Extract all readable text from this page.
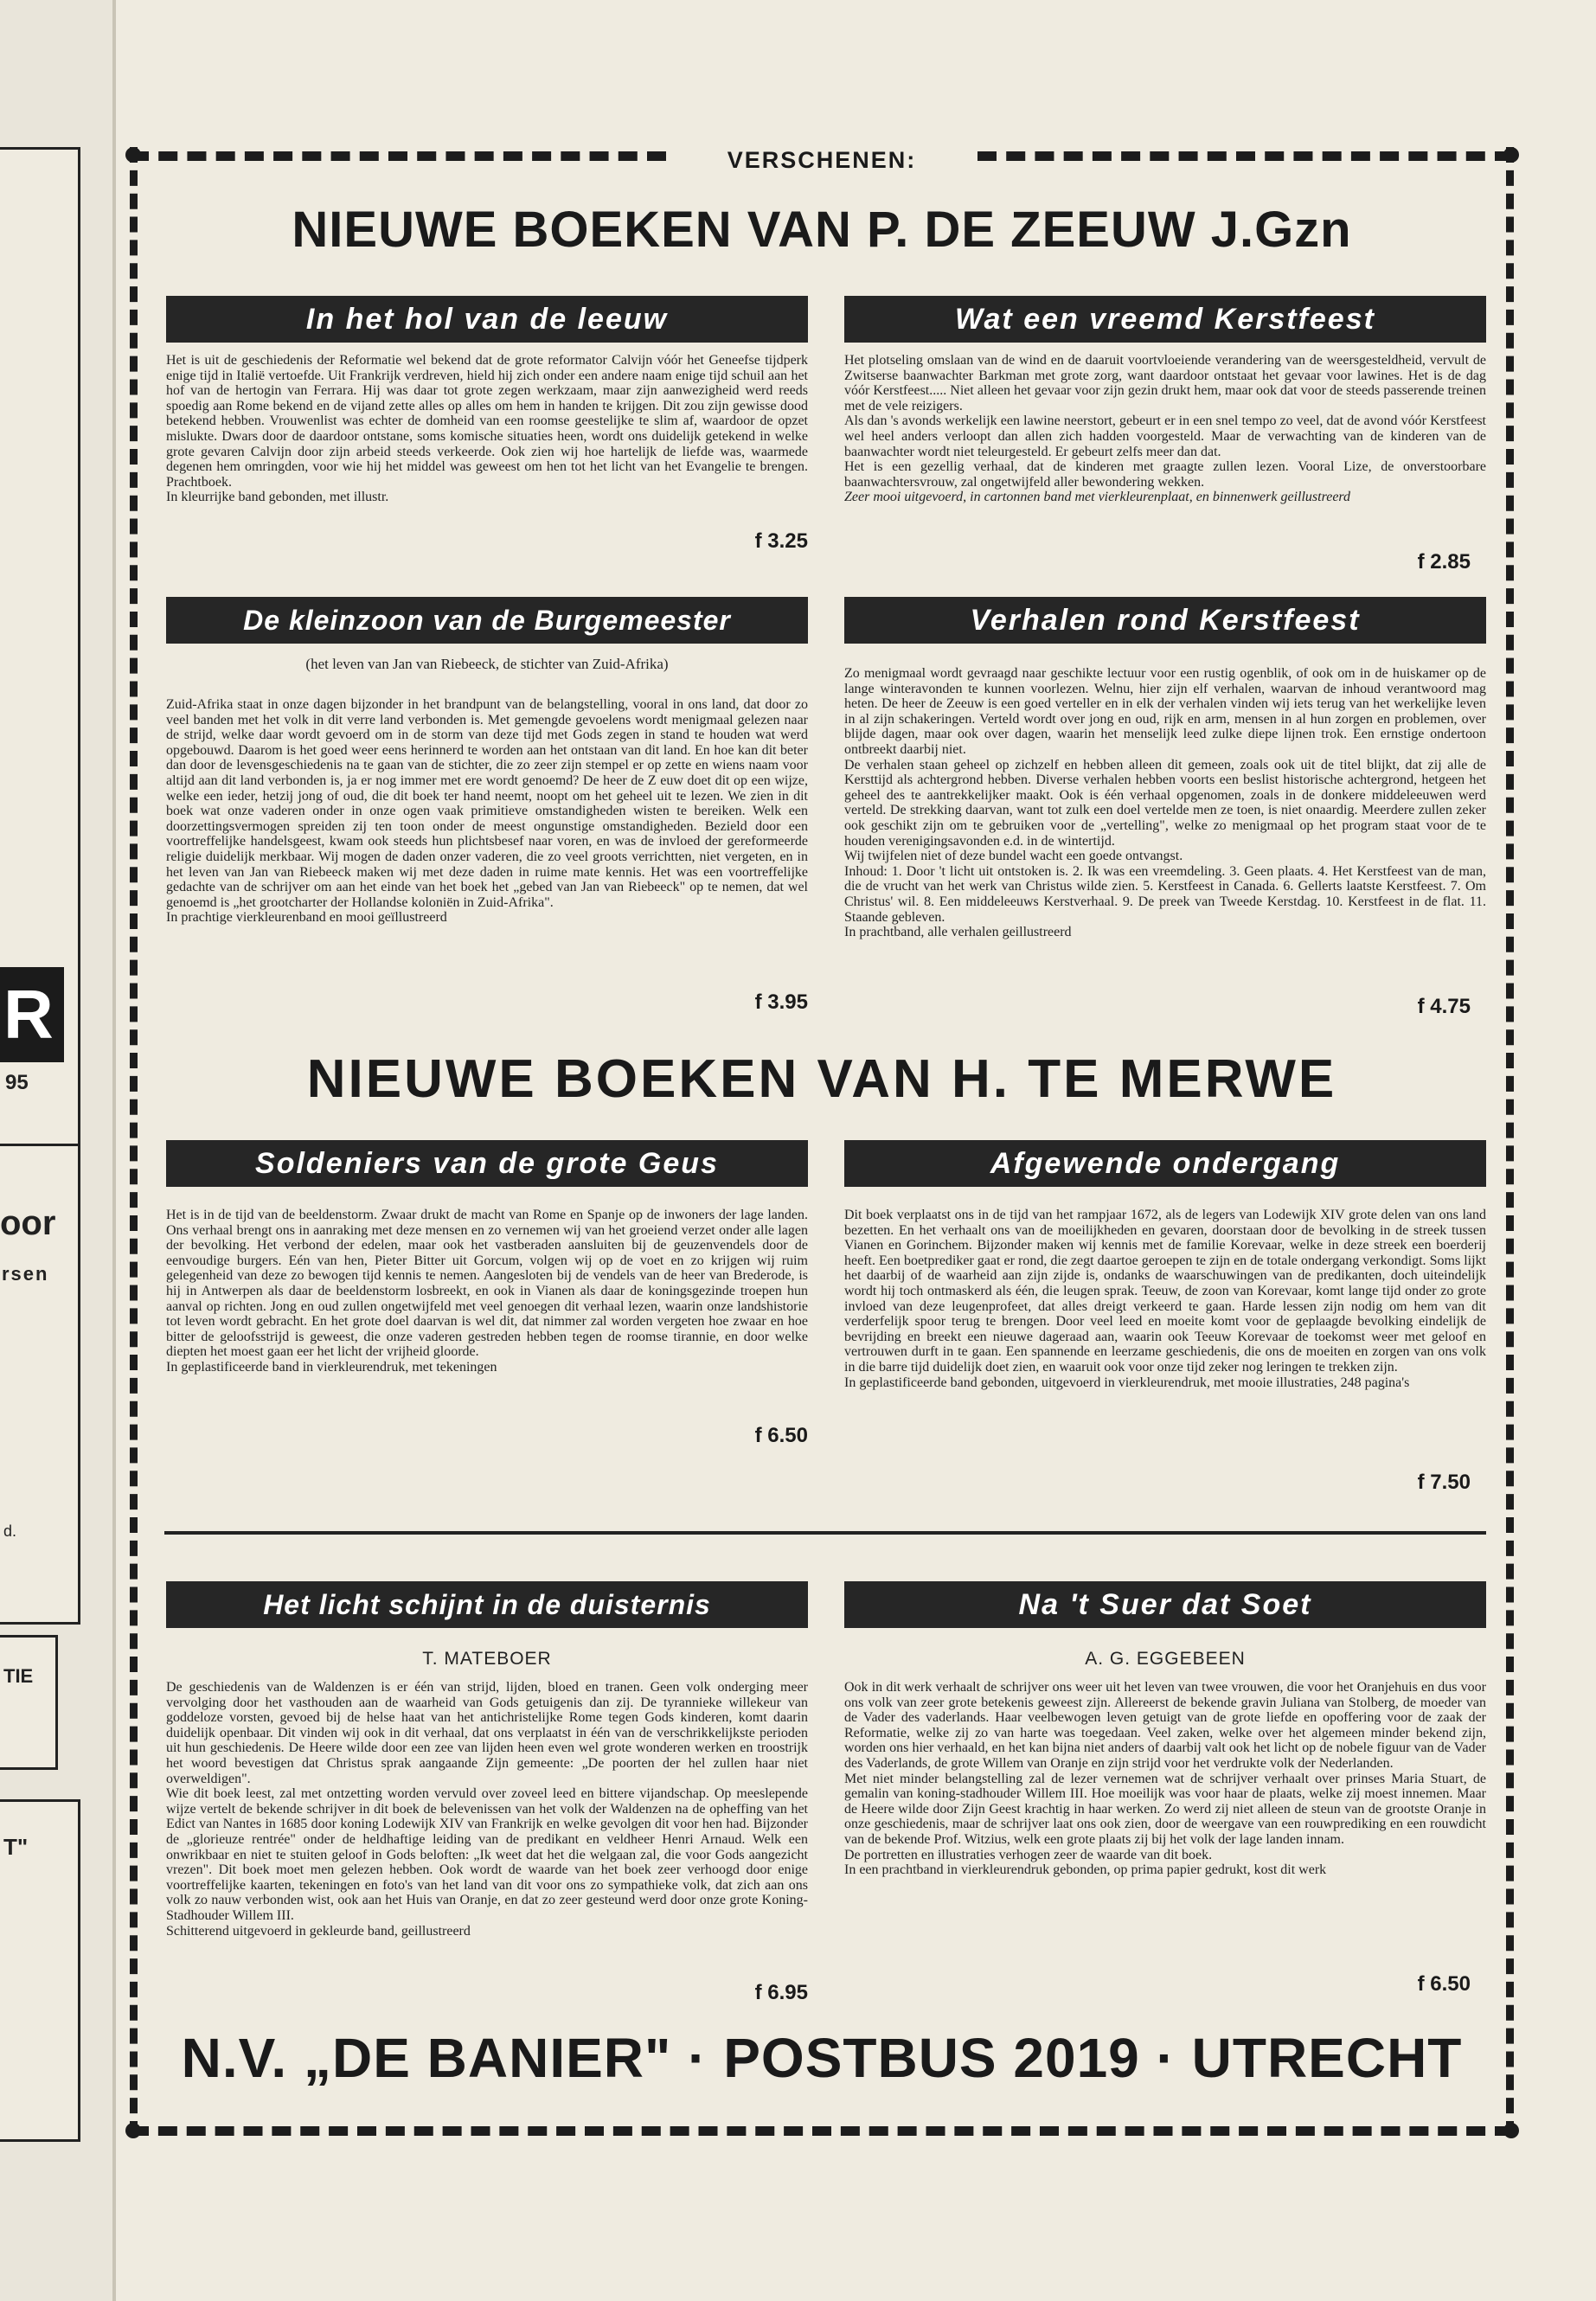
R
95
oor
rsen
d.
TIE
T"
VERSCHENEN:
NIEUWE BOEKEN VAN P. DE ZEEUW J.Gzn
In het hol van de leeuw

Het is uit de geschiedenis der Reformatie wel bekend dat de grote reformator Calvijn vóór het Geneefse tijdperk enige tijd in Italië vertoefde. Uit Frankrijk verdreven, hield hij zich onder een andere naam enige tijd schuil aan het hof van de hertogin van Ferrara. Hij was daar tot grote zegen werkzaam, maar zijn aanwezigheid werd reeds spoedig aan Rome bekend en de vijand zette alles op alles om hem in handen te krijgen. Dit zou zijn gewisse dood betekend hebben. Vrouwenlist was echter de domheid van een roomse geestelijke te slim af, waardoor de opzet mislukte. Dwars door de daardoor ontstane, soms komische situaties heen, wordt ons duidelijk getekend in welke grote gevaren Calvijn door zijn arbeid steeds verkeerde. Ook zien wij hoe hartelijk de liefde was, waarmede degenen hem omringden, voor wie hij het middel was geweest om hen tot het licht van het Evangelie te brengen. Prachtboek.

In kleurrijke band gebonden, met illustr.

f 3.25
Wat een vreemd Kerstfeest

Het plotseling omslaan van de wind en de daaruit voortvloeiende verandering van de weersgesteldheid, vervult de Zwitserse baanwachter Barkman met grote zorg, want daardoor ontstaat het gevaar voor lawines. Het is de dag vóór Kerstfeest..... Niet alleen het gevaar voor zijn gezin drukt hem, maar ook dat voor de steeds passerende treinen met de vele reizigers.

Als dan 's avonds werkelijk een lawine neerstort, gebeurt er in een snel tempo zo veel, dat de avond vóór Kerstfeest wel heel anders verloopt dan allen zich hadden voorgesteld. Maar de verwachting van de kinderen van de baanwachter wordt niet teleurgesteld. Er gebeurt zelfs meer dan dat.

Het is een gezellig verhaal, dat de kinderen met graagte zullen lezen. Vooral Lize, de onverstoorbare baanwachtersvrouw, zal ongetwijfeld aller bewondering wekken.

Zeer mooi uitgevoerd, in cartonnen band met vierkleurenplaat, en binnenwerk geillustreerd

f 2.85
De kleinzoon van de Burgemeester
(het leven van Jan van Riebeeck, de stichter van Zuid-Afrika)

Zuid-Afrika staat in onze dagen bijzonder in het brandpunt van de belangstelling, vooral in ons land, dat door zo veel banden met het volk in dit verre land verbonden is. Met gemengde gevoelens wordt menigmaal gelezen naar de strijd, welke daar wordt gevoerd om in de storm van deze tijd met Gods zegen in stand te houden wat werd opgebouwd. Daarom is het goed weer eens herinnerd te worden aan het ontstaan van dit land. En hoe kan dit beter dan door de levensgeschiedenis na te gaan van de stichter, die zo zeer zijn stempel er op zette en wiens naam voor altijd aan dit land verbonden is, ja er nog immer met ere wordt genoemd? De heer de Z euw doet dit op een wijze, welke een ieder, hetzij jong of oud, die dit boek ter hand neemt, noopt om het geheel uit te lezen. We zien in dit boek wat onze vaderen onder in onze ogen vaak primitieve omstandigheden wisten te bereiken. Welk een doorzettingsvermogen spreiden zij ten toon onder de meest ongunstige omstandigheden. Bezield door een voortreffelijke handelsgeest, kwam ook steeds hun plichtsbesef naar voren, en was de invloed der gereformeerde religie duidelijk merkbaar. Wij mogen de daden onzer vaderen, die zo veel groots verrichtten, niet vergeten, en in het leven van Jan van Riebeeck maken wij met deze daden in ruime mate kennis. Het was een voortreffelijke gedachte van de schrijver om aan het einde van het boek het „gebed van Jan van Riebeeck" op te nemen, dat wel genoemd is „het grootcharter der Hollandse koloniën in Zuid-Afrika".

In prachtige vierkleurenband en mooi geïllustreerd

f 3.95
Verhalen rond Kerstfeest

Zo menigmaal wordt gevraagd naar geschikte lectuur voor een rustig ogenblik, of ook om in de huiskamer op de lange winteravonden te kunnen voorlezen. Welnu, hier zijn elf verhalen, waarvan de inhoud verantwoord mag heten. De heer de Zeeuw is een goed verteller en in elk der verhalen vinden wij iets terug van het werkelijke leven in al zijn schakeringen. Verteld wordt over jong en oud, rijk en arm, mensen in al hun zorgen en problemen, over blijde dagen, maar ook over dagen, waarin het menselijk leed zulke diepe lijnen trok. Een ernstige ondertoon ontbreekt daarbij niet.

De verhalen staan geheel op zichzelf en hebben alleen dit gemeen, zoals ook uit de titel blijkt, dat zij alle de Kersttijd als achtergrond hebben. Diverse verhalen hebben voorts een beslist historische achtergrond, hetgeen het geheel des te aantrekkelijker maakt. Ook is één verhaal opgenomen, zoals in de donkere middeleeuwen werd verteld. De strekking daarvan, want tot zulk een doel vertelde men ze toen, is niet onaardig. Meerdere zullen zeker ook geschikt zijn om te gebruiken voor de „vertelling", welke zo menigmaal op het program staat voor de te houden verenigingsavonden e.d. in de wintertijd.

Wij twijfelen niet of deze bundel wacht een goede ontvangst.

Inhoud: 1. Door 't licht uit ontstoken is. 2. Ik was een vreemdeling. 3. Geen plaats. 4. Het Kerstfeest van de man, die de vrucht van het werk van Christus wilde zien. 5. Kerstfeest in Canada. 6. Gellerts laatste Kerstfeest. 7. Om Christus' wil. 8. Een middeleeuws Kerstverhaal. 9. De preek van Tweede Kerstdag. 10. Kerstfeest in de flat. 11. Staande gebleven.

In prachtband, alle verhalen geillustreerd

f 4.75
NIEUWE BOEKEN VAN H. TE MERWE
Soldeniers van de grote Geus

Het is in de tijd van de beeldenstorm. Zwaar drukt de macht van Rome en Spanje op de inwoners der lage landen. Ons verhaal brengt ons in aanraking met deze mensen en zo vernemen wij van het groeiend verzet onder alle lagen der bevolking. Het verbond der edelen, maar ook het vastberaden aansluiten bij de geuzenvendels door de eenvoudige burgers. Eén van hen, Pieter Bitter uit Gorcum, volgen wij op de voet en zo krijgen wij ruim gelegenheid van deze zo bewogen tijd kennis te nemen. Aangesloten bij de vendels van de heer van Brederode, is hij in Antwerpen als daar de beeldenstorm losbreekt, en ook in Vianen als daar de koningsgezinde troepen hun aanval op richten. Jong en oud zullen ongetwijfeld met veel genoegen dit verhaal lezen, waarin onze landshistorie tot leven wordt gebracht. En het grote doel daarvan is wel dit, dat nimmer zal worden vergeten hoe zwaar en hoe bitter de geloofsstrijd is geweest, die onze vaderen gestreden hebben tegen de roomse tirannie, en door welke diepten het moest gaan eer het licht der vrijheid gloorde.

In geplastificeerde band in vierkleurendruk, met tekeningen

f 6.50
Afgewende ondergang

Dit boek verplaatst ons in de tijd van het rampjaar 1672, als de legers van Lodewijk XIV grote delen van ons land bezetten. En het verhaalt ons van de moeilijkheden en gevaren, doorstaan door de bevolking in de streek tussen Vianen en Gorinchem. Bijzonder maken wij kennis met de familie Korevaar, welke in deze streek een boerderij heeft. Een boetprediker gaat er rond, die zegt daartoe geroepen te zijn en de totale ondergang verkondigt. Soms lijkt het daarbij of de waarheid aan zijn zijde is, ondanks de waarschuwingen van de predikanten, doch uiteindelijk wordt hij toch ontmaskerd als één, die leugen sprak. Teeuw, de zoon van Korevaar, komt lange tijd onder zo grote invloed van deze leugenprofeet, dat alles dreigt verkeerd te gaan. Harde lessen zijn nodig om hem van dit verderfelijk spoor terug te brengen. Door veel leed en moeite komt voor de geplaagde bevolking eindelijk de bevrijding en breekt een nieuwe dageraad aan, waarin ook Teeuw Korevaar de toekomst weer met geloof en vertrouwen durft in te gaan. Een spannende en leerzame geschiedenis, die ons de moeiten en zorgen van ons volk in die barre tijd duidelijk doet zien, en waaruit ook voor onze tijd zeker nog leringen te trekken zijn.

In geplastificeerde band gebonden, uitgevoerd in vierkleurendruk, met mooie illustraties, 248 pagina's

f 7.50
Het licht schijnt in de duisternis
T. MATEBOER

De geschiedenis van de Waldenzen is er één van strijd, lijden, bloed en tranen. Geen volk onderging meer vervolging door het vasthouden aan de waarheid van Gods getuigenis dan zij. De tyrannieke willekeur van goddeloze vorsten, gevoed bij de helse haat van het antichristelijke Rome tegen Gods kinderen, komt daarin duidelijk openbaar. Dit vinden wij ook in dit verhaal, dat ons verplaatst in één van de verschrikkelijkste perioden uit hun geschiedenis. De Heere wilde door een zee van lijden heen even wel grote wonderen werken en troostrijk het woord bevestigen dat Christus sprak aangaande Zijn gemeente: „De poorten der hel zullen haar niet overweldigen".

Wie dit boek leest, zal met ontzetting worden vervuld over zoveel leed en bittere vijandschap. Op meeslepende wijze vertelt de bekende schrijver in dit boek de belevenissen van het volk der Waldenzen na de opheffing van het Edict van Nantes in 1685 door koning Lodewijk XIV van Frankrijk en welke gevolgen dit voor hen had. Bijzonder de „glorieuze rentrée" onder de heldhaftige leiding van de predikant en veldheer Henri Arnaud. Welk een onwrikbaar en niet te stuiten geloof in Gods beloften: „Ik weet dat het die welgaan zal, die voor Gods aangezicht vrezen". Dit boek moet men gelezen hebben. Ook wordt de waarde van het boek zeer verhoogd door enige voortreffelijke kaarten, tekeningen en foto's van het land van dit voor ons zo sympathieke volk, dat zich aan ons volk zo nauw verbonden wist, ook aan het Huis van Oranje, en dat zo zeer gesteund werd door onze grote Koning-Stadhouder Willem III.

Schitterend uitgevoerd in gekleurde band, geillustreerd

f 6.95
Na 't Suer dat Soet
A. G. EGGEBEEN

Ook in dit werk verhaalt de schrijver ons weer uit het leven van twee vrouwen, die voor het Oranjehuis en dus voor ons volk van zeer grote betekenis geweest zijn. Allereerst de bekende gravin Juliana van Stolberg, de moeder van de Vader des vaderlands. Haar veelbewogen leven getuigt van de grote liefde en opoffering voor de zaak der Reformatie, welke zij zo van harte was toegedaan. Veel zaken, welke over het algemeen minder bekend zijn, worden ons hier verhaald, en het kan bijna niet anders of daarbij valt ook het licht op de nobele figuur van de Vader des Vaderlands, de grote Willem van Oranje en zijn strijd voor het verdrukte volk der Nederlanden.

Met niet minder belangstelling zal de lezer vernemen wat de schrijver verhaalt over prinses Maria Stuart, de gemalin van koning-stadhouder Willem III. Hoe moeilijk was voor haar de plaats, welke zij moest innemen. Maar de Heere wilde door Zijn Geest krachtig in haar werken. Zo werd zij niet alleen de steun van de grootste Oranje in onze geschiedenis, maar de schrijver laat ons ook zien, door de weergave van een rouwprediking en een rouwdicht van de bekende Prof. Witzius, welk een grote plaats zij bij het volk der lage landen innam.

De portretten en illustraties verhogen zeer de waarde van dit boek.

In een prachtband in vierkleurendruk gebonden, op prima papier gedrukt, kost dit werk

f 6.50
N.V. „DE BANIER" · POSTBUS 2019 · UTRECHT
